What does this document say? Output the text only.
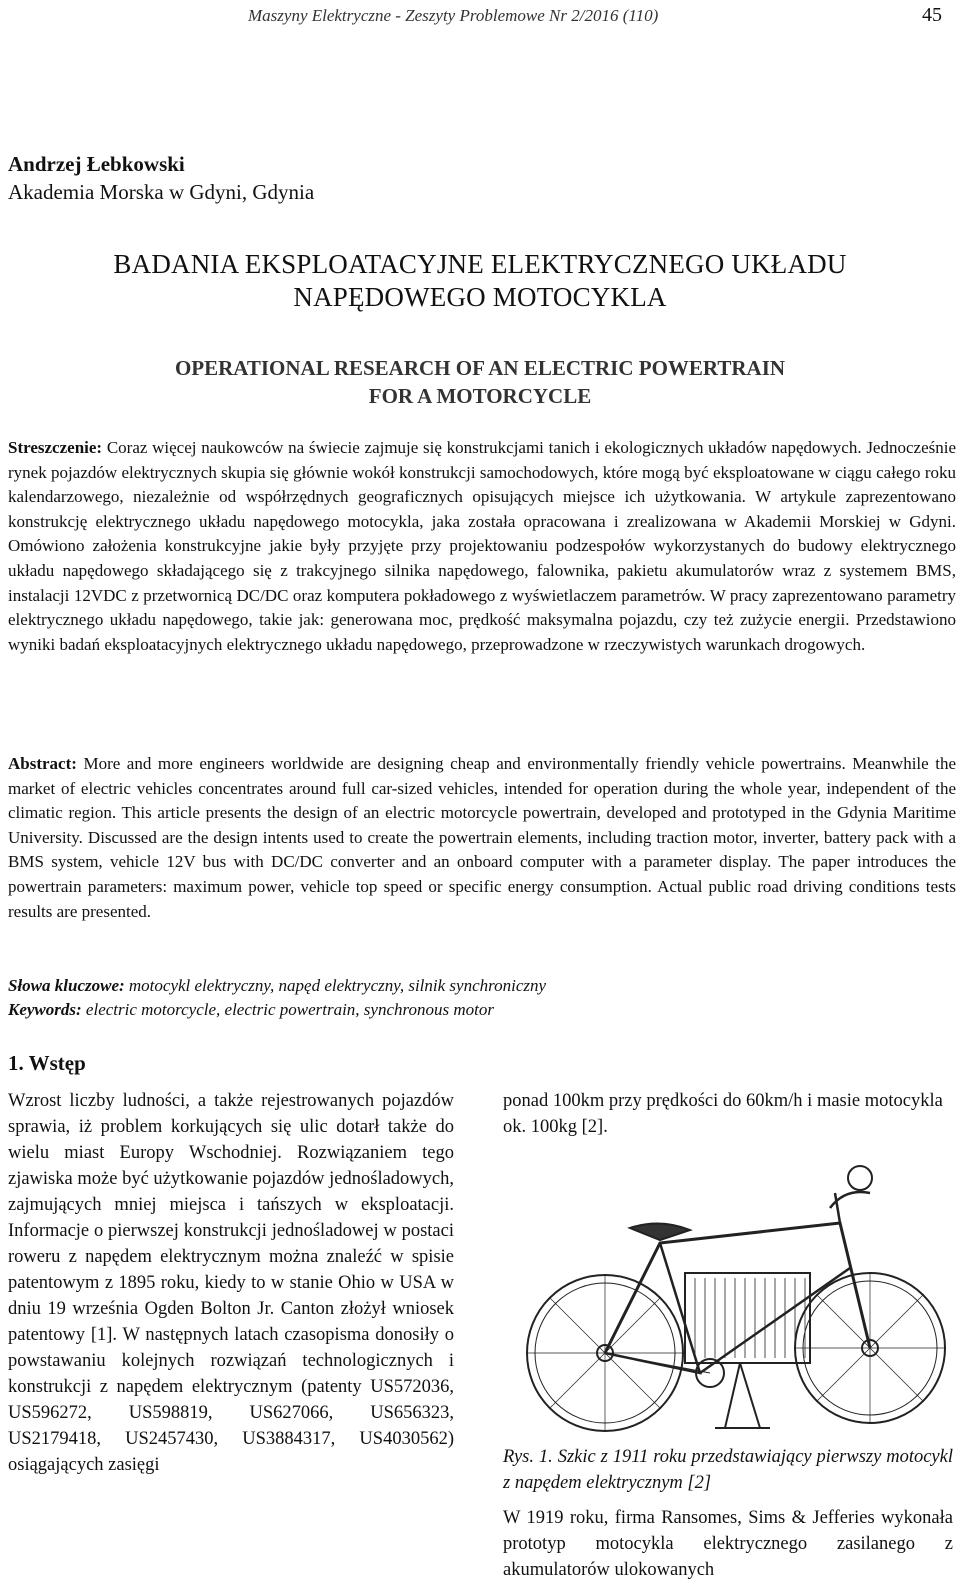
Maszyny Elektryczne - Zeszyty Problemowe Nr 2/2016 (110)	45
Andrzej Łebkowski
Akademia Morska w Gdyni, Gdynia
BADANIA EKSPLOATACYJNE ELEKTRYCZNEGO UKŁADU
NAPĘDOWEGO MOTOCYKLA
OPERATIONAL RESEARCH OF AN ELECTRIC POWERTRAIN
FOR A MOTORCYCLE
Streszczenie: Coraz więcej naukowców na świecie zajmuje się konstrukcjami tanich i ekologicznych układów napędowych. Jednocześnie rynek pojazdów elektrycznych skupia się głównie wokół konstrukcji samochodowych, które mogą być eksploatowane w ciągu całego roku kalendarzowego, niezależnie od współrzędnych geograficznych opisujących miejsce ich użytkowania. W artykule zaprezentowano konstrukcję elektrycznego układu napędowego motocykla, jaka została opracowana i zrealizowana w Akademii Morskiej w Gdyni. Omówiono założenia konstrukcyjne jakie były przyjęte przy projektowaniu podzespołów wykorzystanych do budowy elektrycznego układu napędowego składającego się z trakcyjnego silnika napędowego, falownika, pakietu akumulatorów wraz z systemem BMS, instalacji 12VDC z przetwornicą DC/DC oraz komputera pokładowego z wyświetlaczem parametrów. W pracy zaprezentowano parametry elektrycznego układu napędowego, takie jak: generowana moc, prędkość maksymalna pojazdu, czy też zużycie energii. Przedstawiono wyniki badań eksploatacyjnych elektrycznego układu napędowego, przeprowadzone w rzeczywistych warunkach drogowych.
Abstract: More and more engineers worldwide are designing cheap and environmentally friendly vehicle powertrains. Meanwhile the market of electric vehicles concentrates around full car-sized vehicles, intended for operation during the whole year, independent of the climatic region. This article presents the design of an electric motorcycle powertrain, developed and prototyped in the Gdynia Maritime University. Discussed are the design intents used to create the powertrain elements, including traction motor, inverter, battery pack with a BMS system, vehicle 12V bus with DC/DC converter and an onboard computer with a parameter display. The paper introduces the powertrain parameters: maximum power, vehicle top speed or specific energy consumption. Actual public road driving conditions tests results are presented.
Słowa kluczowe: motocykl elektryczny, napęd elektryczny, silnik synchroniczny
Keywords: electric motorcycle, electric powertrain, synchronous motor
1. Wstęp
Wzrost liczby ludności, a także rejestrowanych pojazdów sprawia, iż problem korkujących się ulic dotarł także do wielu miast Europy Wschodniej. Rozwiązaniem tego zjawiska może być użytkowanie pojazdów jednośladowych, zajmujących mniej miejsca i tańszych w eksploatacji. Informacje o pierwszej konstrukcji jednośladowej w postaci roweru z napędem elektrycznym można znaleźć w spisie patentowym z 1895 roku, kiedy to w stanie Ohio w USA w dniu 19 września Ogden Bolton Jr. Canton złożył wniosek patentowy [1]. W następnych latach czasopisma donosiły o powstawaniu kolejnych rozwiązań technologicznych i konstrukcji z napędem elektrycznym (patenty US572036, US596272, US598819, US627066, US656323, US2179418, US2457430, US3884317, US4030562) osiągających zasięgi
ponad 100km przy prędkości do 60km/h i masie motocykla ok. 100kg [2].
Rys. 1. Szkic z 1911 roku przedstawiający pierwszy motocykl z napędem elektrycznym [2]
W 1919 roku, firma Ransomes, Sims & Jefferies wykonała prototyp motocykla elektrycznego zasilanego z akumulatorów ulokowanych
